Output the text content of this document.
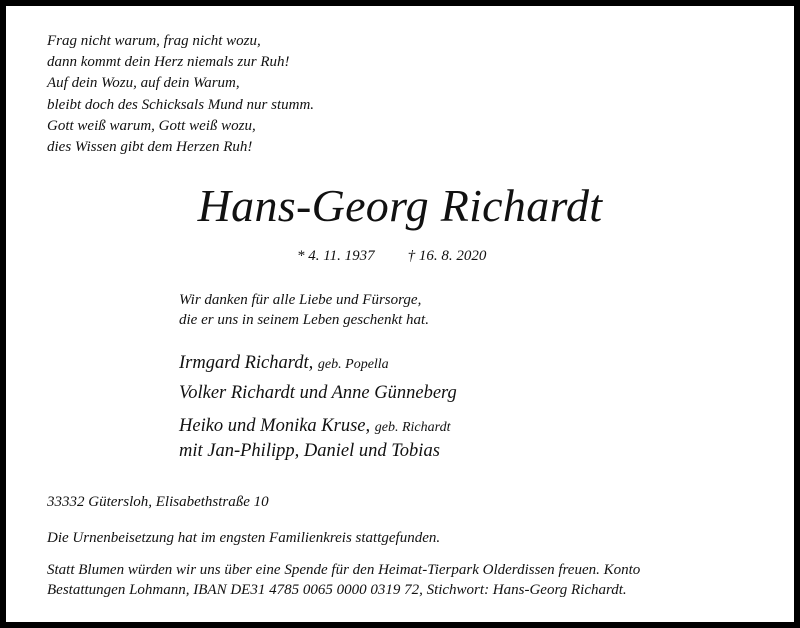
Frag nicht warum, frag nicht wozu,
dann kommt dein Herz niemals zur Ruh!
Auf dein Wozu, auf dein Warum,
bleibt doch des Schicksals Mund nur stumm.
Gott weiß warum, Gott weiß wozu,
dies Wissen gibt dem Herzen Ruh!
Hans-Georg Richardt
* 4. 11. 1937 † 16. 8. 2020
Wir danken für alle Liebe und Fürsorge,
die er uns in seinem Leben geschenkt hat.
Irmgard Richardt, geb. Popella
Volker Richardt und Anne Günneberg
Heiko und Monika Kruse, geb. Richardt
mit Jan-Philipp, Daniel und Tobias
33332 Gütersloh, Elisabethstraße 10
Die Urnenbeisetzung hat im engsten Familienkreis stattgefunden.
Statt Blumen würden wir uns über eine Spende für den Heimat-Tierpark Olderdissen freuen. Konto
Bestattungen Lohmann, IBAN DE31 4785 0065 0000 0319 72, Stichwort: Hans-Georg Richardt.
